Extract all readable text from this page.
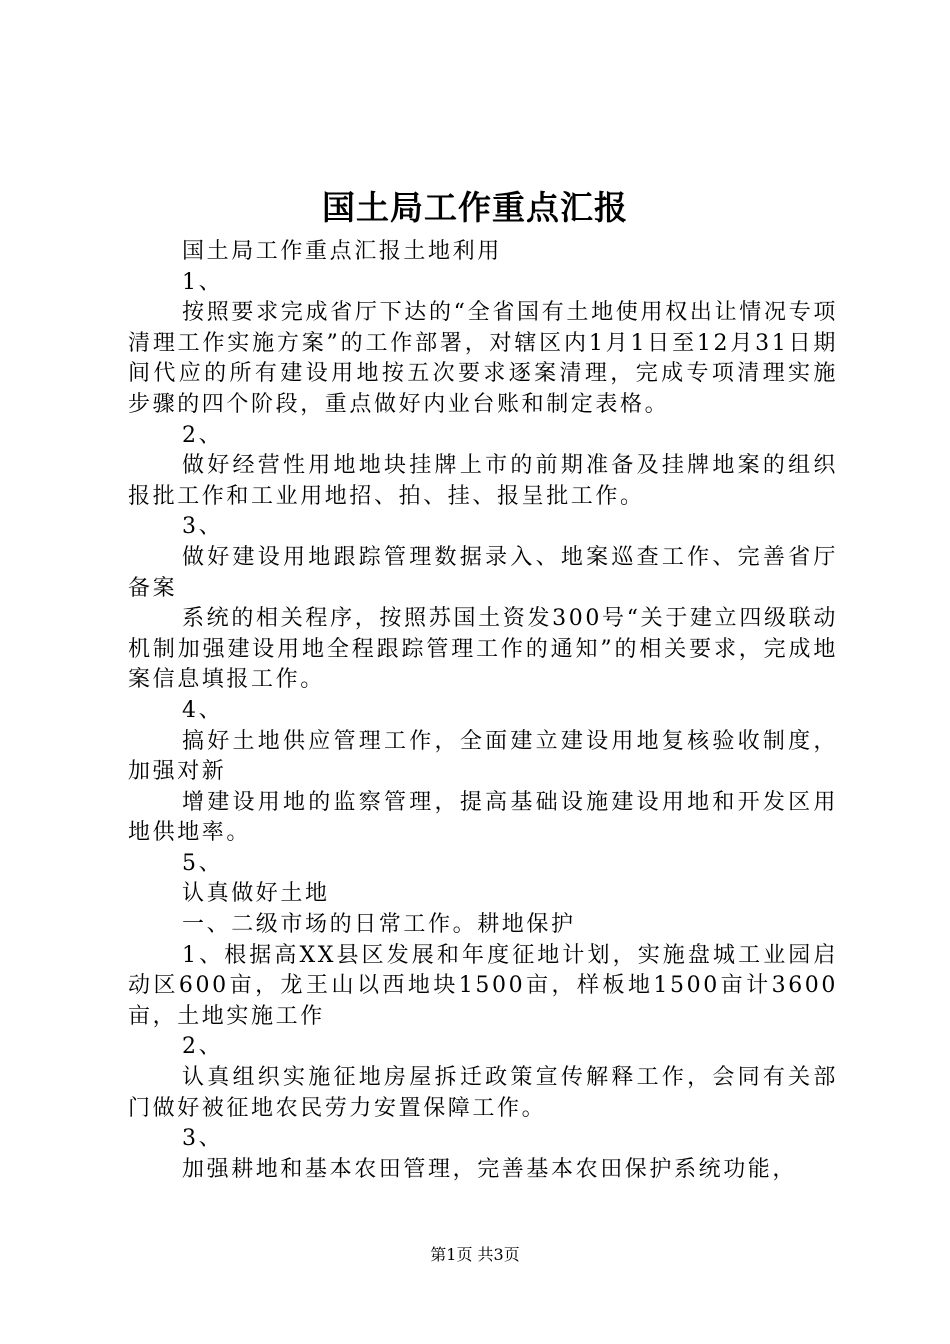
国土局工作重点汇报

国土局工作重点汇报土地利用

1、

按照要求完成省厅下达的“全省国有土地使用权出让情况专项清理工作实施方案”的工作部署，对辖区内1月1日至12月31日期间代应的所有建设用地按五次要求逐案清理，完成专项清理实施步骤的四个阶段，重点做好内业台账和制定表格。

2、

做好经营性用地地块挂牌上市的前期准备及挂牌地案的组织报批工作和工业用地招、拍、挂、报呈批工作。

3、

做好建设用地跟踪管理数据录入、地案巡查工作、完善省厅备案

系统的相关程序，按照苏国土资发300号“关于建立四级联动机制加强建设用地全程跟踪管理工作的通知”的相关要求，完成地案信息填报工作。

4、

搞好土地供应管理工作，全面建立建设用地复核验收制度，加强对新

增建设用地的监察管理，提高基础设施建设用地和开发区用地供地率。

5、

认真做好土地

一、二级市场的日常工作。耕地保护

1、根据高XX县区发展和年度征地计划，实施盘城工业园启动区600亩，龙王山以西地块1500亩，样板地1500亩计3600亩，土地实施工作

2、

认真组织实施征地房屋拆迁政策宣传解释工作，会同有关部门做好被征地农民劳力安置保障工作。

3、

加强耕地和基本农田管理，完善基本农田保护系统功能，

第1页 共3页
